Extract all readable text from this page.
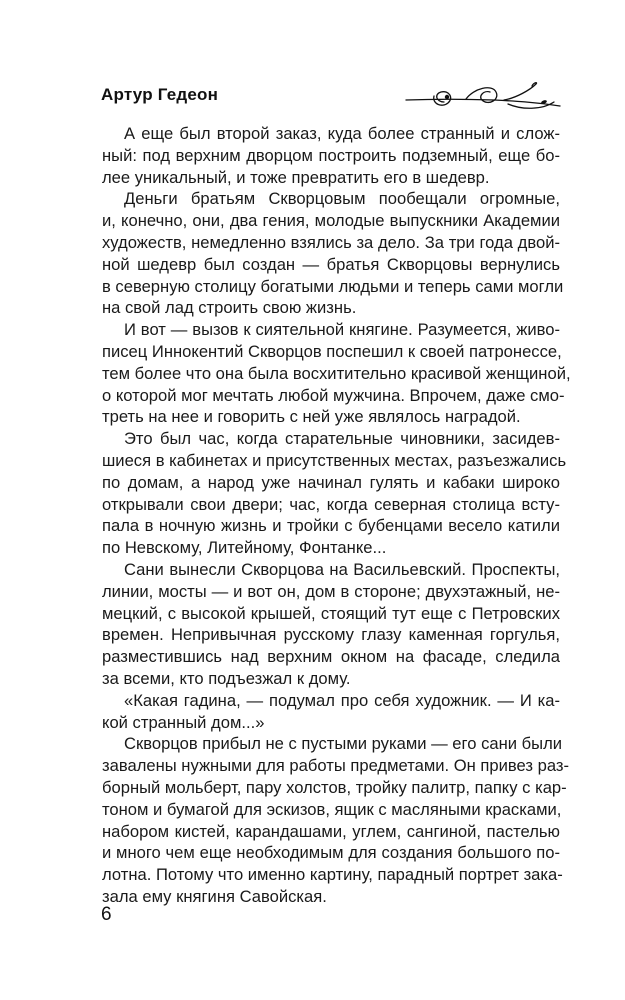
Артур Гедеон

А еще был второй заказ, куда более странный и слож-
ный: под верхним дворцом построить подземный, еще бо-
лее уникальный, и тоже превратить его в шедевр.

Деньги братьям Скворцовым пообещали огромные,
и, конечно, они, два гения, молодые выпускники Академии
художеств, немедленно взялись за дело. За три года двой-
ной шедевр был создан — братья Скворцовы вернулись
в северную столицу богатыми людьми и теперь сами могли
на свой лад строить свою жизнь.

И вот — вызов к сиятельной княгине. Разумеется, живо-
писец Иннокентий Скворцов поспешил к своей патронессе,
тем более что она была восхитительно красивой женщиной,
о которой мог мечтать любой мужчина. Впрочем, даже смо-
треть на нее и говорить с ней уже являлось наградой.

Это был час, когда старательные чиновники, засидев-
шиеся в кабинетах и присутственных местах, разъезжались
по домам, а народ уже начинал гулять и кабаки широко
открывали свои двери; час, когда северная столица всту-
пала в ночную жизнь и тройки с бубенцами весело катили
по Невскому, Литейному, Фонтанке...

Сани вынесли Скворцова на Васильевский. Проспекты,
линии, мосты — и вот он, дом в стороне; двухэтажный, не-
мецкий, с высокой крышей, стоящий тут еще с Петровских
времен. Непривычная русскому глазу каменная горгулья,
разместившись над верхним окном на фасаде, следила
за всеми, кто подъезжал к дому.

«Какая гадина, — подумал про себя художник. — И ка-
кой странный дом...»

Скворцов прибыл не с пустыми руками — его сани были
завалены нужными для работы предметами. Он привез раз-
борный мольберт, пару холстов, тройку палитр, папку с кар-
тоном и бумагой для эскизов, ящик с масляными красками,
набором кистей, карандашами, углем, сангиной, пастелью
и много чем еще необходимым для создания большого по-
лотна. Потому что именно картину, парадный портрет зака-
зала ему княгиня Савойская.

6
